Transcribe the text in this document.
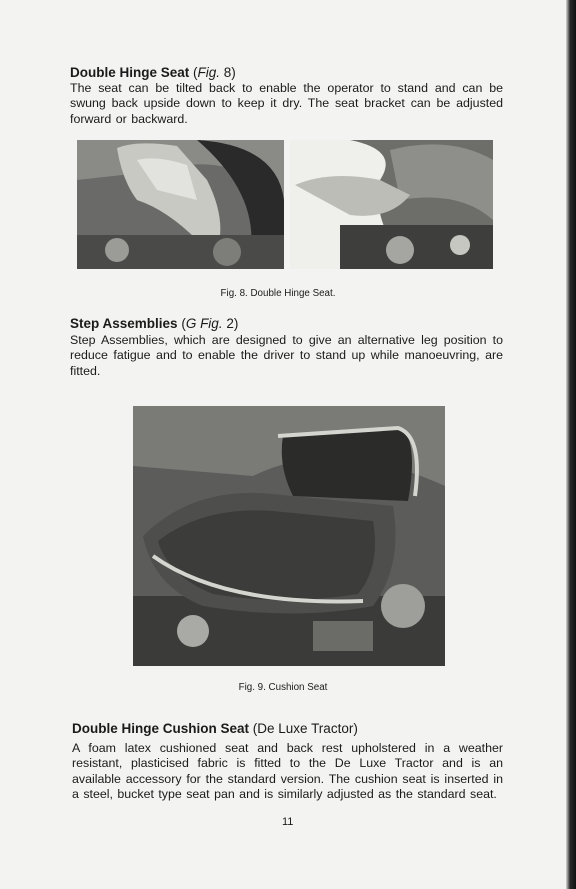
Double Hinge Seat (Fig. 8)

The seat can be tilted back to enable the operator to stand and can be swung back upside down to keep it dry. The seat bracket can be adjusted forward or backward.

Fig. 8. Double Hinge Seat.

Step Assemblies (G Fig. 2)

Step Assemblies, which are designed to give an alternative leg position to reduce fatigue and to enable the driver to stand up while manoeuvring, are fitted.

Fig. 9. Cushion Seat

Double Hinge Cushion Seat (De Luxe Tractor)

A foam latex cushioned seat and back rest upholstered in a weather resistant, plasticised fabric is fitted to the De Luxe Tractor and is an available accessory for the standard version. The cushion seat is inserted in a steel, bucket type seat pan and is similarly adjusted as the standard seat.

11
